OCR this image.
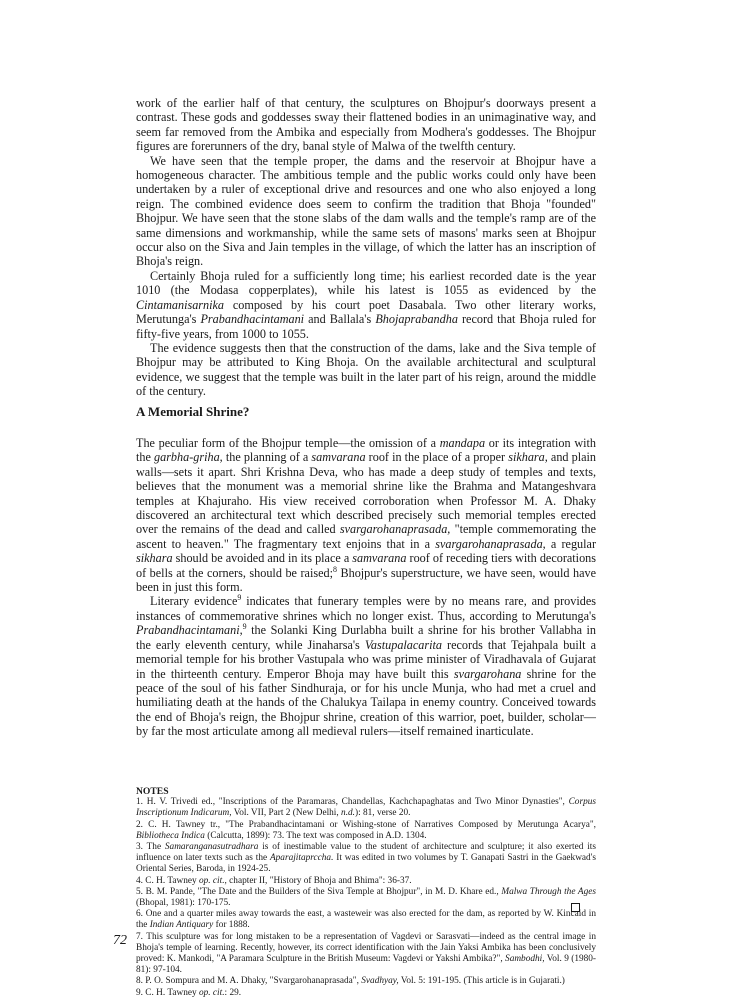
work of the earlier half of that century, the sculptures on Bhojpur's doorways present a contrast. These gods and goddesses sway their flattened bodies in an unimaginative way, and seem far removed from the Ambika and especially from Modhera's goddesses. The Bhojpur figures are forerunners of the dry, banal style of Malwa of the twelfth century.

We have seen that the temple proper, the dams and the reservoir at Bhojpur have a homogeneous character. The ambitious temple and the public works could only have been undertaken by a ruler of exceptional drive and resources and one who also enjoyed a long reign. The combined evidence does seem to confirm the tradition that Bhoja "founded" Bhojpur. We have seen that the stone slabs of the dam walls and the temple's ramp are of the same dimensions and workmanship, while the same sets of masons' marks seen at Bhojpur occur also on the Siva and Jain temples in the village, of which the latter has an inscription of Bhoja's reign.

Certainly Bhoja ruled for a sufficiently long time; his earliest recorded date is the year 1010 (the Modasa copperplates), while his latest is 1055 as evidenced by the Cintamanisarnika composed by his court poet Dasabala. Two other literary works, Merutunga's Prabandhacintamani and Ballala's Bhojaprabandha record that Bhoja ruled for fifty-five years, from 1000 to 1055.

The evidence suggests then that the construction of the dams, lake and the Siva temple of Bhojpur may be attributed to King Bhoja. On the available architectural and sculptural evidence, we suggest that the temple was built in the later part of his reign, around the middle of the century.

A Memorial Shrine?

The peculiar form of the Bhojpur temple—the omission of a mandapa or its integration with the garbha-griha, the planning of a samvarana roof in the place of a proper sikhara, and plain walls—sets it apart. Shri Krishna Deva, who has made a deep study of temples and texts, believes that the monument was a memorial shrine like the Brahma and Matangeshvara temples at Khajuraho. His view received corroboration when Professor M. A. Dhaky discovered an architectural text which described precisely such memorial temples erected over the remains of the dead and called svargarohanaprasada, "temple commemorating the ascent to heaven." The fragmentary text enjoins that in a svargarohanaprasada, a regular sikhara should be avoided and in its place a samvarana roof of receding tiers with decorations of bells at the corners, should be raised;$^8$ Bhojpur's superstructure, we have seen, would have been in just this form.

Literary evidence$^9$ indicates that funerary temples were by no means rare, and provides instances of commemorative shrines which no longer exist. Thus, according to Merutunga's Prabandhacintamani,$^9$ the Solanki King Durlabha built a shrine for his brother Vallabha in the early eleventh century, while Jinaharsa's Vastupalacarita records that Tejahpala built a memorial temple for his brother Vastupala who was prime minister of Viradhavala of Gujarat in the thirteenth century. Emperor Bhoja may have built this svargarohana shrine for the peace of the soul of his father Sindhuraja, or for his uncle Munja, who had met a cruel and humiliating death at the hands of the Chalukya Tailapa in enemy country. Conceived towards the end of Bhoja's reign, the Bhojpur shrine, creation of this warrior, poet, builder, scholar—by far the most articulate among all medieval rulers—itself remained inarticulate.

NOTES

1. H. V. Trivedi ed., "Inscriptions of the Paramaras, Chandellas, Kachchapaghatas and Two Minor Dynasties", Corpus Inscriptionum Indicarum, Vol. VII, Part 2 (New Delhi, n.d.): 81, verse 20.

2. C. H. Tawney tr., "The Prabandhacintamani or Wishing-stone of Narratives Composed by Merutunga Acarya", Bibliotheca Indica (Calcutta, 1899): 73. The text was composed in A.D. 1304.

3. The Samaranganasutradhara is of inestimable value to the student of architecture and sculpture; it also exerted its influence on later texts such as the Aparajitaprccha. It was edited in two volumes by T. Ganapati Sastri in the Gaekwad's Oriental Series, Baroda, in 1924-25.

4. C. H. Tawney op. cit., chapter II, "History of Bhoja and Bhima": 36-37.

5. B. M. Pande, "The Date and the Builders of the Siva Temple at Bhojpur", in M. D. Khare ed., Malwa Through the Ages (Bhopal, 1981): 170-175.

6. One and a quarter miles away towards the east, a wasteweir was also erected for the dam, as reported by W. Kincaid in the Indian Antiquary for 1888.

7. This sculpture was for long mistaken to be a representation of Vagdevi or Sarasvati—indeed as the central image in Bhoja's temple of learning. Recently, however, its correct identification with the Jain Yaksi Ambika has been conclusively proved: K. Mankodi, "A Paramara Sculpture in the British Museum: Vagdevi or Yakshi Ambika?", Sambodhi, Vol. 9 (1980-81): 97-104.

8. P. O. Sompura and M. A. Dhaky, "Svargarohanaprasada", Svadhyay, Vol. 5: 191-195. (This article is in Gujarati.)

9. C. H. Tawney op. cit.: 29.

72
